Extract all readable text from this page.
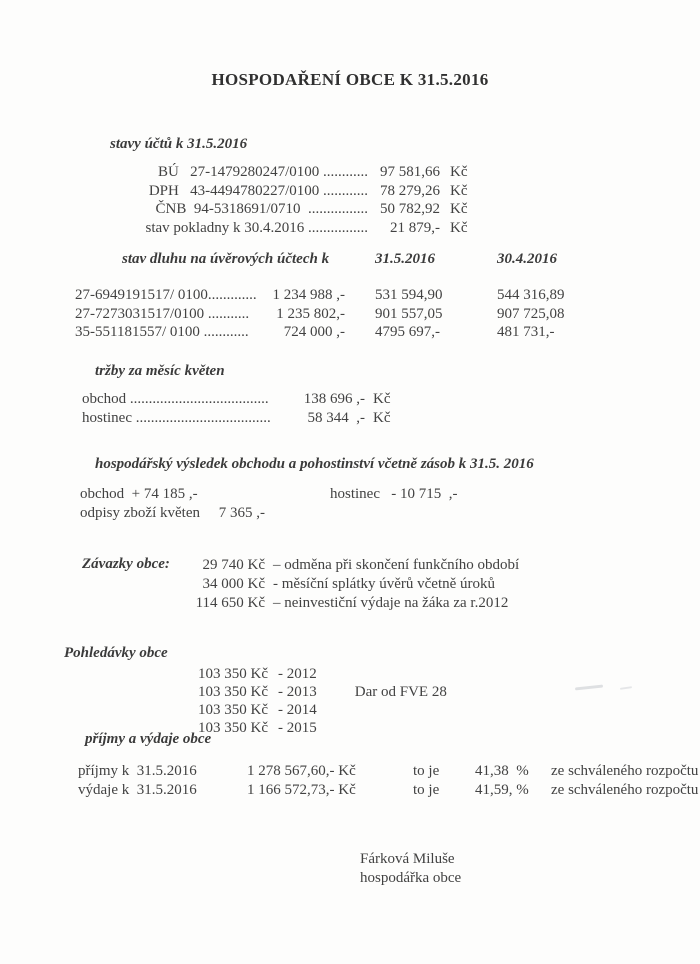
HOSPODAŘENÍ OBCE K 31.5.2016
stavy účtů k 31.5.2016
BÚ   27-1479280247/0100 ............ 97 581,66 Kč
DPH   43-4494780227/0100 ............ 78 279,26 Kč
ČNB  94-5318691/0710  ................ 50 782,92 Kč
stav pokladny k 30.4.2016 ................	21 879,- Kč
stav dluhu na úvěrových účtech k	31.5.2016	30.4.2016
27-6949191517/ 0100.............	1 234 988 ,- 531 594,90	544 316,89
27-7273031517/0100 ...........	1 235 802,- 901 557,05	907 725,08
35-551181557/ 0100 ............	724 000 ,- 4795 697,-	481 731,-
tržby za měsíc květen
obchod .....................................	138 696 ,- Kč
hostinec ....................................	58 344  ,- Kč
hospodářský výsledek obchodu a pohostinství včetně zásob k 31.5. 2016
obchod  + 74 185 ,-	hostinec   - 10 715  ,-
odpisy zboží květen     7 365 ,-
Závazky obce:	29 740 Kč – odměna při skončení funkčního období
34 000 Kč - měsíční splátky úvěrů včetně úroků
114 650 Kč – neinvestiční výdaje na žáka za r.2012
Pohledávky obce
103 350 Kč - 2012
103 350 Kč - 2013	Dar od FVE 28
103 350 Kč - 2014
103 350 Kč - 2015
příjmy a výdaje obce
příjmy k  31.5.2016	1 278 567,60,- Kč	to je	41,38  %	ze schváleného rozpočtu
výdaje k  31.5.2016	1 166 572,73,- Kč	to je	41,59, %	ze schváleného rozpočtu
Fárková Miluše
hospodářka obce
